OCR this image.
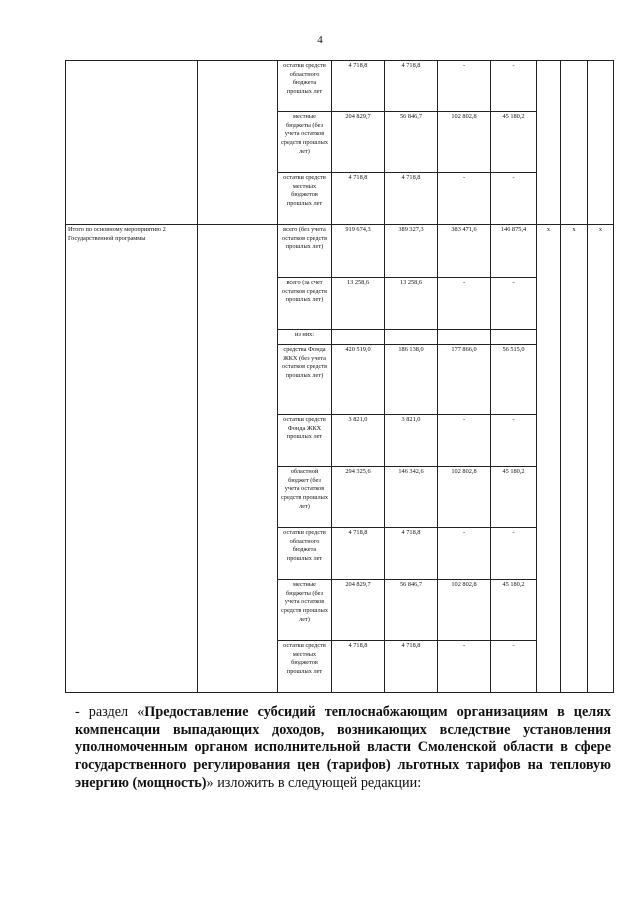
4
		остатки средств областного бюджета прошлых лет	4 718,8	4 718,8	-	-			
		местные бюджеты (без учета остатков средств прошлых лет)	204 829,7	56 846,7	102 802,8	45 180,2			
		остатки средств местных бюджетов прошлых лет	4 718,8	4 718,8	-	-			
Итого по основному мероприятию 2 Государственной программы		всего (без учета остатков средств прошлых лет)	919 674,3	389 327,3	383 471,6	146 875,4	x	x	x
		всего (за счет остатков средств прошлых лет)	13 258,6	13 258,6	-	-			
		из них:							
		средства Фонда ЖКХ (без учета остатков средств прошлых лет)	420 519,0	186 138,0	177 866,0	56 515,0			
		остатки средств Фонда ЖКХ прошлых лет	3 821,0	3 821,0	-	-			
		областной бюджет (без учета остатков средств прошлых лет)	294 325,6	146 342,6	102 802,8	45 180,2			
		остатки средств областного бюджета прошлых лет	4 718,8	4 718,8	-	-			
		местные бюджеты (без учета остатков средств прошлых лет)	204 829,7	56 846,7	102 802,8	45 180,2			
		остатки средств местных бюджетов прошлых лет	4 718,8	4 718,8	-	-			

- раздел «Предоставление субсидий теплоснабжающим организациям в целях компенсации выпадающих доходов, возникающих вследствие установления уполномоченным органом исполнительной власти Смоленской области в сфере государственного регулирования цен (тарифов) льготных тарифов на тепловую энергию (мощность)» изложить в следующей редакции:
